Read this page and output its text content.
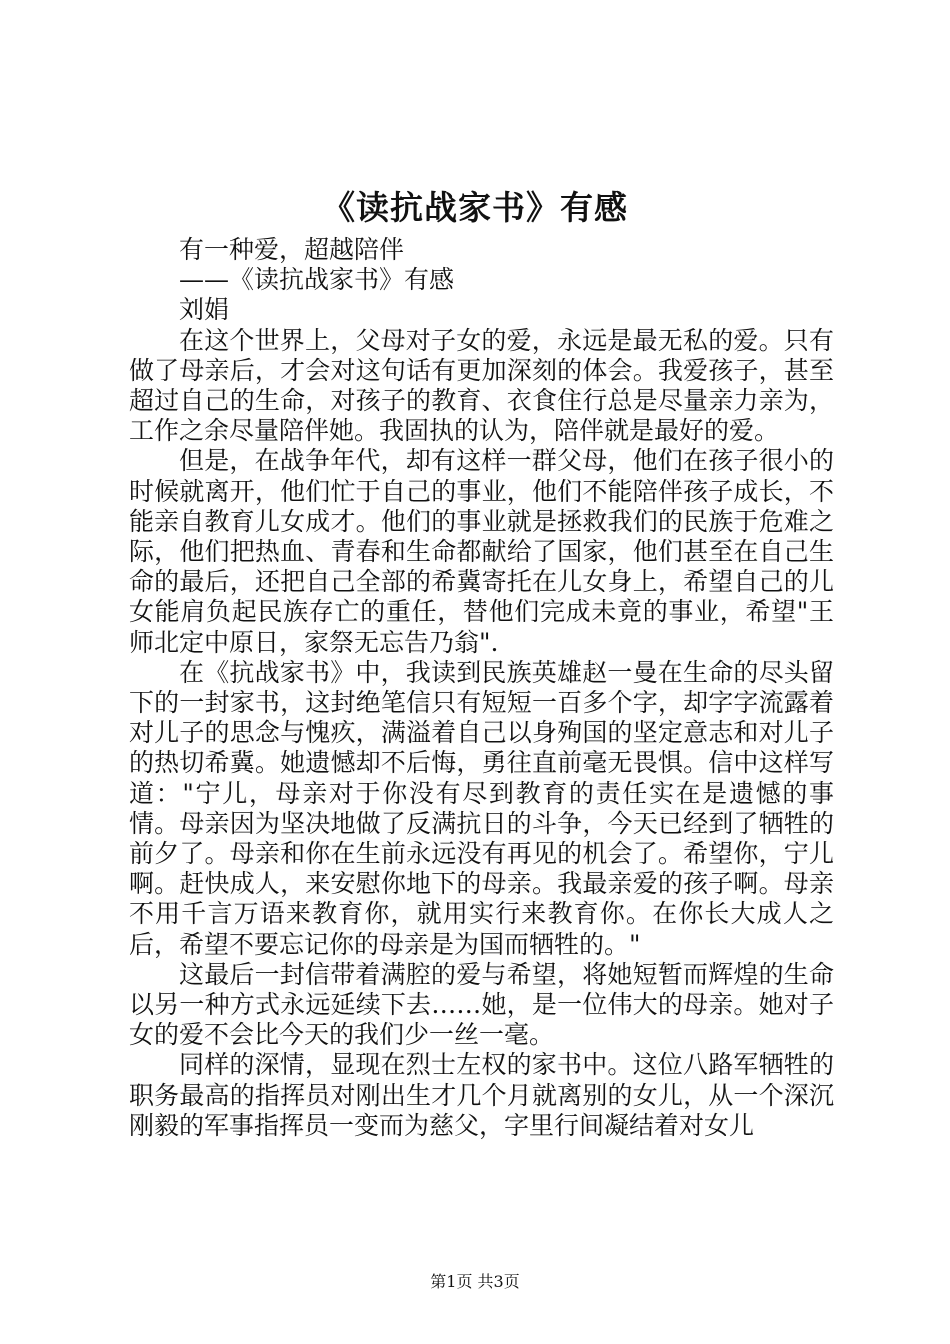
《读抗战家书》有感

有一种爱，超越陪伴

——《读抗战家书》有感

刘娟

在这个世界上，父母对子女的爱，永远是最无私的爱。只有做了母亲后，才会对这句话有更加深刻的体会。我爱孩子，甚至超过自己的生命，对孩子的教育、衣食住行总是尽量亲力亲为，工作之余尽量陪伴她。我固执的认为，陪伴就是最好的爱。

但是，在战争年代，却有这样一群父母，他们在孩子很小的时候就离开，他们忙于自己的事业，他们不能陪伴孩子成长，不能亲自教育儿女成才。他们的事业就是拯救我们的民族于危难之际，他们把热血、青春和生命都献给了国家，他们甚至在自己生命的最后，还把自己全部的希冀寄托在儿女身上，希望自己的儿女能肩负起民族存亡的重任，替他们完成未竟的事业，希望"王师北定中原日，家祭无忘告乃翁".

在《抗战家书》中，我读到民族英雄赵一曼在生命的尽头留下的一封家书，这封绝笔信只有短短一百多个字，却字字流露着对儿子的思念与愧疚，满溢着自己以身殉国的坚定意志和对儿子的热切希冀。她遗憾却不后悔，勇往直前毫无畏惧。信中这样写道："宁儿，母亲对于你没有尽到教育的责任实在是遗憾的事情。母亲因为坚决地做了反满抗日的斗争，今天已经到了牺牲的前夕了。母亲和你在生前永远没有再见的机会了。希望你，宁儿啊。赶快成人，来安慰你地下的母亲。我最亲爱的孩子啊。母亲不用千言万语来教育你，就用实行来教育你。在你长大成人之后，希望不要忘记你的母亲是为国而牺牲的。"

这最后一封信带着满腔的爱与希望，将她短暂而辉煌的生命以另一种方式永远延续下去……她，是一位伟大的母亲。她对子女的爱不会比今天的我们少一丝一毫。

同样的深情，显现在烈士左权的家书中。这位八路军牺牲的职务最高的指挥员对刚出生才几个月就离别的女儿，从一个深沉刚毅的军事指挥员一变而为慈父，字里行间凝结着对女儿

第1页 共3页
